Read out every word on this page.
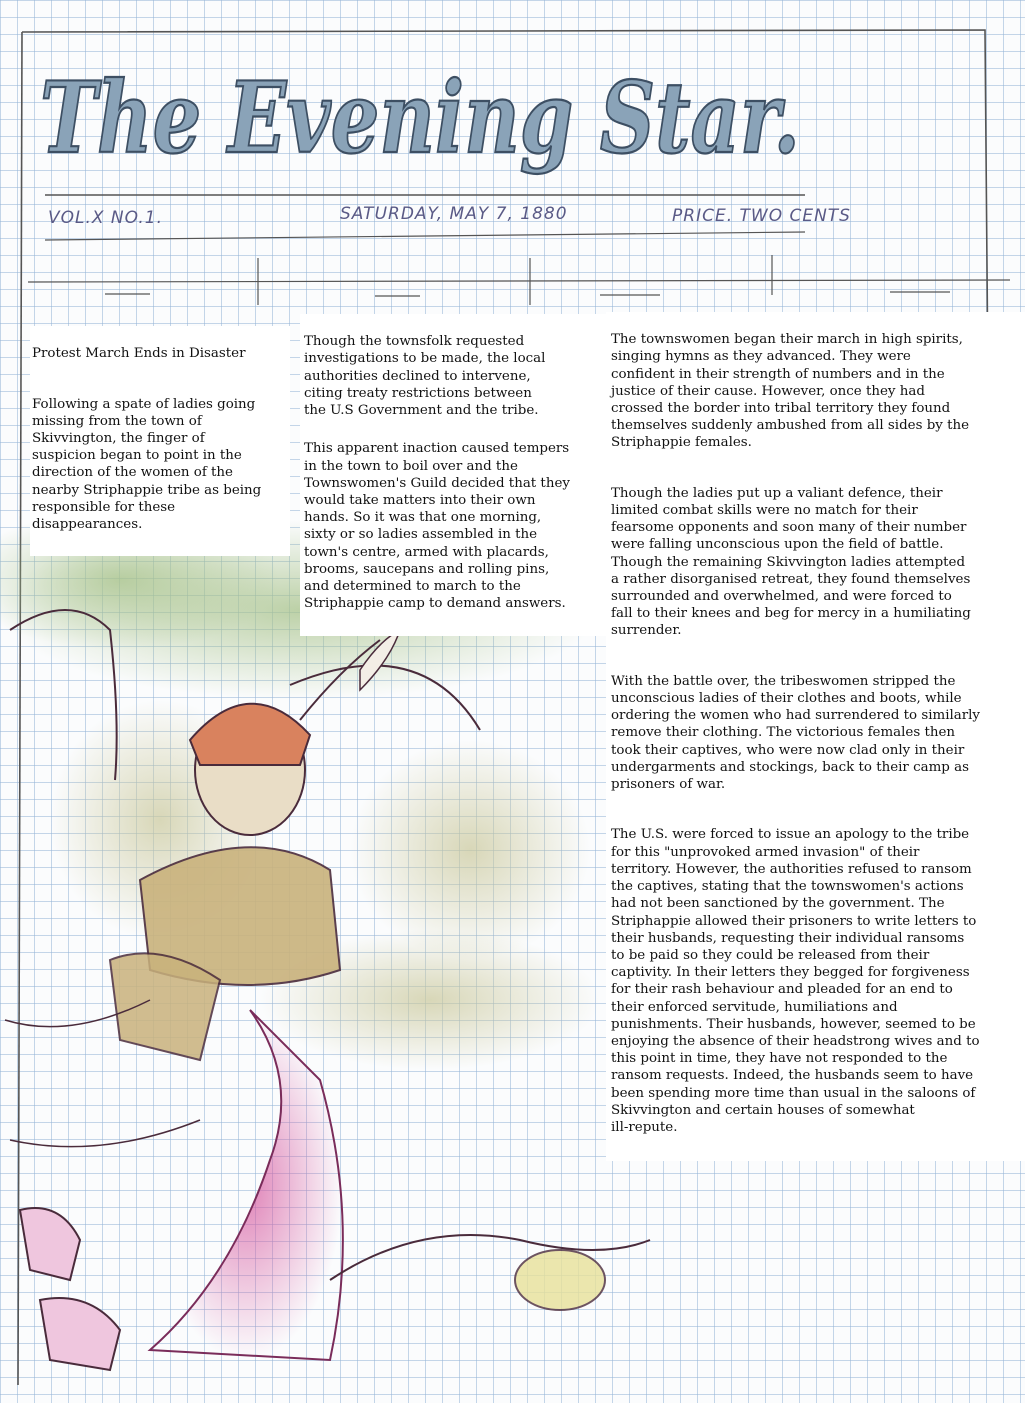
The Evening Star.
VOL.X NO.1.	SATURDAY, MAY 7, 1880	PRICE. TWO CENTS

Protest March Ends in Disaster

Following a spate of ladies going
missing from the town of
Skivvington, the finger of
suspicion began to point in the
direction of the women of the
nearby Striphappie tribe as being
responsible for these
disappearances.

Though the townsfolk requested
investigations to be made, the local
authorities declined to intervene,
citing treaty restrictions between
the U.S Government and the tribe.

This apparent inaction caused tempers
in the town to boil over and the
Townswomen's Guild decided that they
would take matters into their own
hands. So it was that one morning,
sixty or so ladies assembled in the
town's centre, armed with placards,
brooms, saucepans and rolling pins,
and determined to march to the
Striphappie camp to demand answers.

The townswomen began their march in high spirits,
singing hymns as they advanced. They were
confident in their strength of numbers and in the
justice of their cause. However, once they had
crossed the border into tribal territory they found
themselves suddenly ambushed from all sides by the
Striphappie females.

Though the ladies put up a valiant defence, their
limited combat skills were no match for their
fearsome opponents and soon many of their number
were falling unconscious upon the field of battle.
Though the remaining Skivvington ladies attempted
a rather disorganised retreat, they found themselves
surrounded and overwhelmed, and were forced to
fall to their knees and beg for mercy in a humiliating
surrender.

With the battle over, the tribeswomen stripped the
unconscious ladies of their clothes and boots, while
ordering the women who had surrendered to similarly
remove their clothing. The victorious females then
took their captives, who were now clad only in their
undergarments and stockings, back to their camp as
prisoners of war.

The U.S. were forced to issue an apology to the tribe
for this "unprovoked armed invasion" of their
territory. However, the authorities refused to ransom
the captives, stating that the townswomen's actions
had not been sanctioned by the government. The
Striphappie allowed their prisoners to write letters to
their husbands, requesting their individual ransoms
to be paid so they could be released from their
captivity. In their letters they begged for forgiveness
for their rash behaviour and pleaded for an end to
their enforced servitude, humiliations and
punishments. Their husbands, however, seemed to be
enjoying the absence of their headstrong wives and to
this point in time, they have not responded to the
ransom requests. Indeed, the husbands seem to have
been spending more time than usual in the saloons of
Skivvington and certain houses of somewhat
ill-repute.
